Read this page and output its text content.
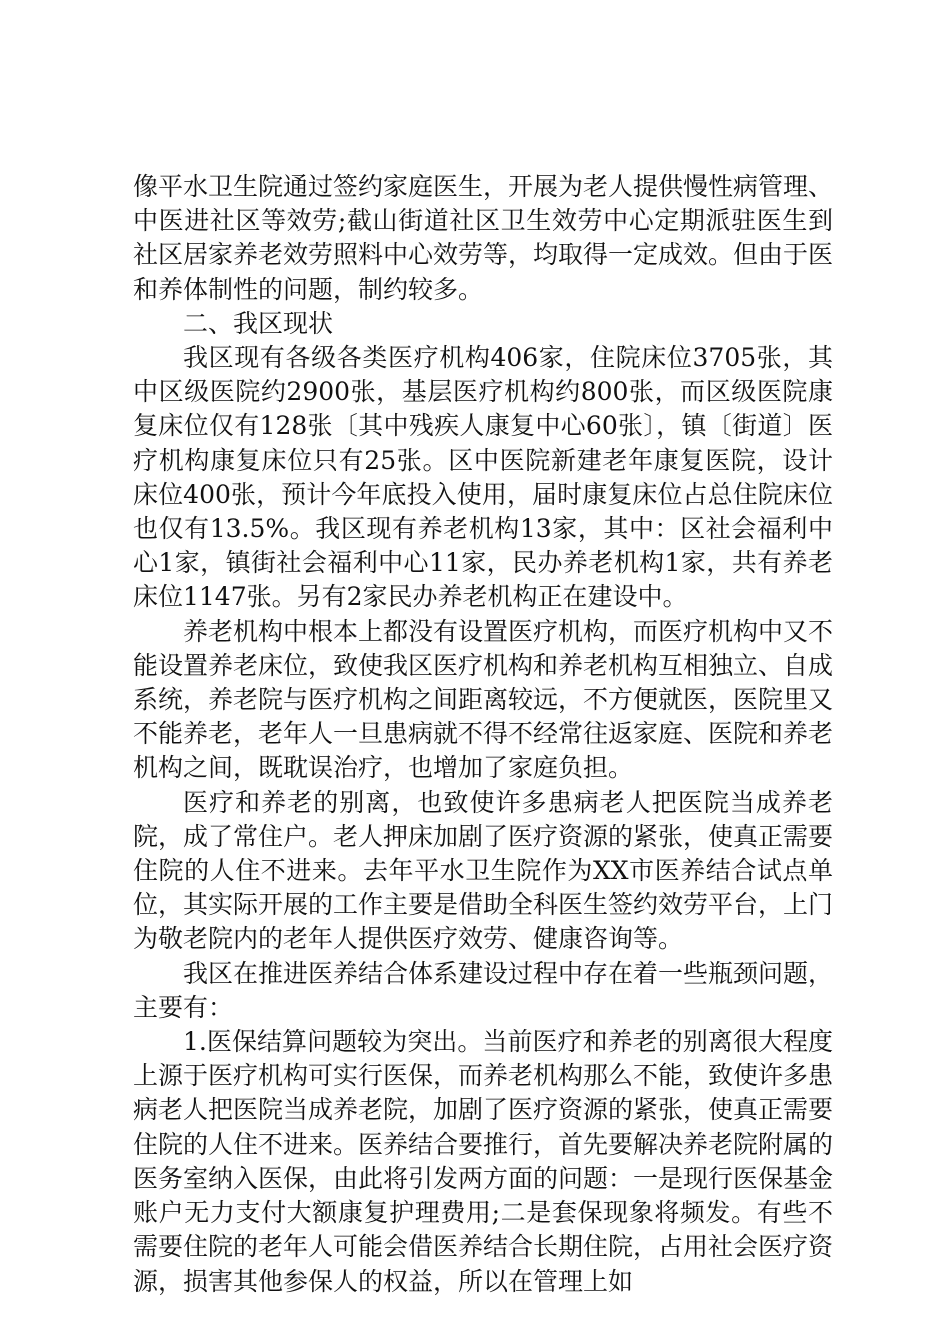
像平水卫生院通过签约家庭医生，开展为老人提供慢性病管理、中医进社区等效劳;截山街道社区卫生效劳中心定期派驻医生到社区居家养老效劳照料中心效劳等，均取得一定成效。但由于医和养体制性的问题，制约较多。

二、我区现状

我区现有各级各类医疗机构406家，住院床位3705张，其中区级医院约2900张，基层医疗机构约800张，而区级医院康复床位仅有128张〔其中残疾人康复中心60张〕，镇〔街道〕医疗机构康复床位只有25张。区中医院新建老年康复医院，设计床位400张，预计今年底投入使用，届时康复床位占总住院床位也仅有13.5%。我区现有养老机构13家，其中：区社会福利中心1家，镇街社会福利中心11家，民办养老机构1家，共有养老床位1147张。另有2家民办养老机构正在建设中。

养老机构中根本上都没有设置医疗机构，而医疗机构中又不能设置养老床位，致使我区医疗机构和养老机构互相独立、自成系统，养老院与医疗机构之间距离较远，不方便就医，医院里又不能养老，老年人一旦患病就不得不经常往返家庭、医院和养老机构之间，既耽误治疗，也增加了家庭负担。

医疗和养老的别离，也致使许多患病老人把医院当成养老院，成了常住户。老人押床加剧了医疗资源的紧张，使真正需要住院的人住不进来。去年平水卫生院作为XX市医养结合试点单位，其实际开展的工作主要是借助全科医生签约效劳平台，上门为敬老院内的老年人提供医疗效劳、健康咨询等。

我区在推进医养结合体系建设过程中存在着一些瓶颈问题，主要有：

1.医保结算问题较为突出。当前医疗和养老的别离很大程度上源于医疗机构可实行医保，而养老机构那么不能，致使许多患病老人把医院当成养老院，加剧了医疗资源的紧张，使真正需要住院的人住不进来。医养结合要推行，首先要解决养老院附属的医务室纳入医保，由此将引发两方面的问题：一是现行医保基金账户无力支付大额康复护理费用;二是套保现象将频发。有些不需要住院的老年人可能会借医养结合长期住院，占用社会医疗资源，损害其他参保人的权益，所以在管理上如
